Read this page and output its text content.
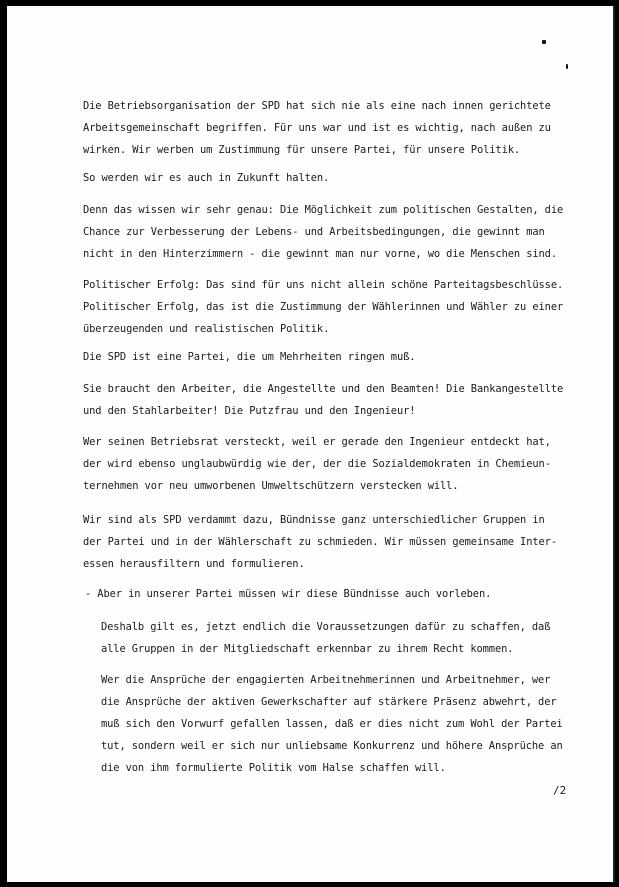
Die Betriebsorganisation der SPD hat sich nie als eine nach innen gerichtete
Arbeitsgemeinschaft begriffen. Für uns war und ist es wichtig, nach außen zu
wirken. Wir werben um Zustimmung für unsere Partei, für unsere Politik.

So werden wir es auch in Zukunft halten.

Denn das wissen wir sehr genau: Die Möglichkeit zum politischen Gestalten, die
Chance zur Verbesserung der Lebens- und Arbeitsbedingungen, die gewinnt man
nicht in den Hinterzimmern - die gewinnt man nur vorne, wo die Menschen sind.

Politischer Erfolg: Das sind für uns nicht allein schöne Parteitagsbeschlüsse.
Politischer Erfolg, das ist die Zustimmung der Wählerinnen und Wähler zu einer
überzeugenden und realistischen Politik.

Die SPD ist eine Partei, die um Mehrheiten ringen muß.

Sie braucht den Arbeiter, die Angestellte und den Beamten! Die Bankangestellte
und den Stahlarbeiter! Die Putzfrau und den Ingenieur!

Wer seinen Betriebsrat versteckt, weil er gerade den Ingenieur entdeckt hat,
der wird ebenso unglaubwürdig wie der, der die Sozialdemokraten in Chemieun-
ternehmen vor neu umworbenen Umweltschützern verstecken will.

Wir sind als SPD verdammt dazu, Bündnisse ganz unterschiedlicher Gruppen in
der Partei und in der Wählerschaft zu schmieden. Wir müssen gemeinsame Inter-
essen herausfiltern und formulieren.

- Aber in unserer Partei müssen wir diese Bündnisse auch vorleben.

Deshalb gilt es, jetzt endlich die Voraussetzungen dafür zu schaffen, daß
alle Gruppen in der Mitgliedschaft erkennbar zu ihrem Recht kommen.

Wer die Ansprüche der engagierten Arbeitnehmerinnen und Arbeitnehmer, wer
die Ansprüche der aktiven Gewerkschafter auf stärkere Präsenz abwehrt, der
muß sich den Vorwurf gefallen lassen, daß er dies nicht zum Wohl der Partei
tut, sondern weil er sich nur unliebsame Konkurrenz und höhere Ansprüche an
die von ihm formulierte Politik vom Halse schaffen will.

/2
